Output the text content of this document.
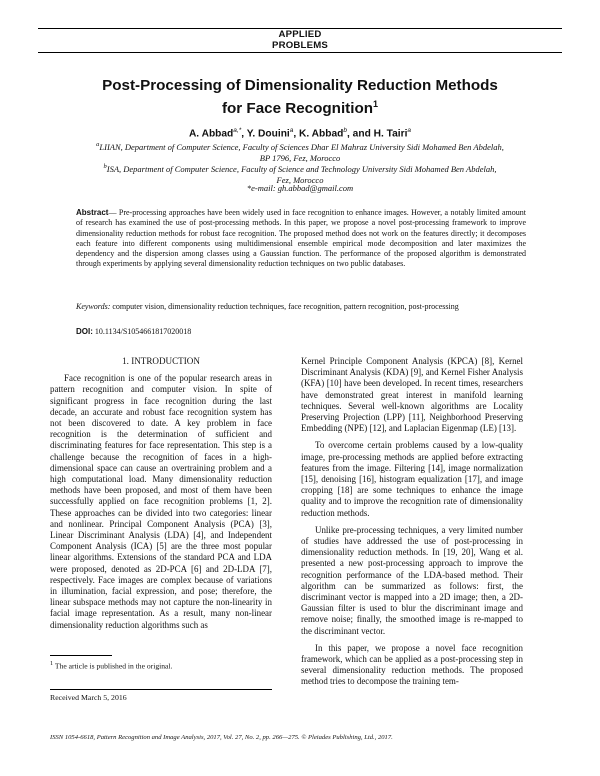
APPLIED
PROBLEMS
Post-Processing of Dimensionality Reduction Methods
for Face Recognition$^1$
A. Abbad$^{a,*}$, Y. Douini$^a$, K. Abbad$^b$, and H. Tairi$^a$
$^a$LIIAN, Department of Computer Science, Faculty of Sciences Dhar El Mahraz University Sidi Mohamed Ben Abdelah,
BP 1796, Fez, Morocco
$^b$ISA, Department of Computer Science, Faculty of Science and Technology University Sidi Mohamed Ben Abdelah,
Fez, Morocco
*e-mail: gh.abbad@gmail.com
Abstract— Pre-processing approaches have been widely used in face recognition to enhance images. However, a notably limited amount of research has examined the use of post-processing methods. In this paper, we propose a novel post-processing framework to improve dimensionality reduction methods for robust face recognition. The proposed method does not work on the features directly; it decomposes each feature into different components using multidimensional ensemble empirical mode decomposition and later maximizes the dependency and the dispersion among classes using a Gaussian function. The performance of the proposed algorithm is demonstrated through experiments by applying several dimensionality reduction techniques on two public databases.
Keywords: computer vision, dimensionality reduction techniques, face recognition, pattern recognition, post-processing
DOI: 10.1134/S1054661817020018

1. INTRODUCTION

Face recognition is one of the popular research areas in pattern recognition and computer vision. In spite of significant progress in face recognition during the last decade, an accurate and robust face recognition system has not been discovered to date. A key problem in face recognition is the determination of sufficient and discriminating features for face representation. This step is a challenge because the recognition of faces in a high-dimensional space can cause an overtraining problem and a high computational load. Many dimensionality reduction methods have been proposed, and most of them have been successfully applied on face recognition problems [1, 2]. These approaches can be divided into two categories: linear and nonlinear. Principal Component Analysis (PCA) [3], Linear Discriminant Analysis (LDA) [4], and Independent Component Analysis (ICA) [5] are the three most popular linear algorithms. Extensions of the standard PCA and LDA were proposed, denoted as 2D-PCA [6] and 2D-LDA [7], respectively. Face images are complex because of variations in illumination, facial expression, and pose; therefore, the linear subspace methods may not capture the non-linearity in facial image representation. As a result, many non-linear dimensionality reduction algorithms such as

Kernel Principle Component Analysis (KPCA) [8], Kernel Discriminant Analysis (KDA) [9], and Kernel Fisher Analysis (KFA) [10] have been developed. In recent times, researchers have demonstrated great interest in manifold learning techniques. Several well-known algorithms are Locality Preserving Projection (LPP) [11], Neighborhood Preserving Embedding (NPE) [12], and Laplacian Eigenmap (LE) [13].

To overcome certain problems caused by a low-quality image, pre-processing methods are applied before extracting features from the image. Filtering [14], image normalization [15], denoising [16], histogram equalization [17], and image cropping [18] are some techniques to enhance the image quality and to improve the recognition rate of dimensionality reduction methods.

Unlike pre-processing techniques, a very limited number of studies have addressed the use of post-processing in dimensionality reduction methods. In [19, 20], Wang et al. presented a new post-processing approach to improve the recognition performance of the LDA-based method. Their algorithm can be summarized as follows: first, the discriminant vector is mapped into a 2D image; then, a 2D-Gaussian filter is used to blur the discriminant image and remove noise; finally, the smoothed image is re-mapped to the discriminant vector.

In this paper, we propose a novel face recognition framework, which can be applied as a post-processing step in several dimensionality reduction methods. The proposed method tries to decompose the training tem-

$^1$ The article is published in the original.
Received March 5, 2016
ISSN 1054-6618, Pattern Recognition and Image Analysis, 2017, Vol. 27, No. 2, pp. 266—275. © Pleiades Publishing, Ltd., 2017.
